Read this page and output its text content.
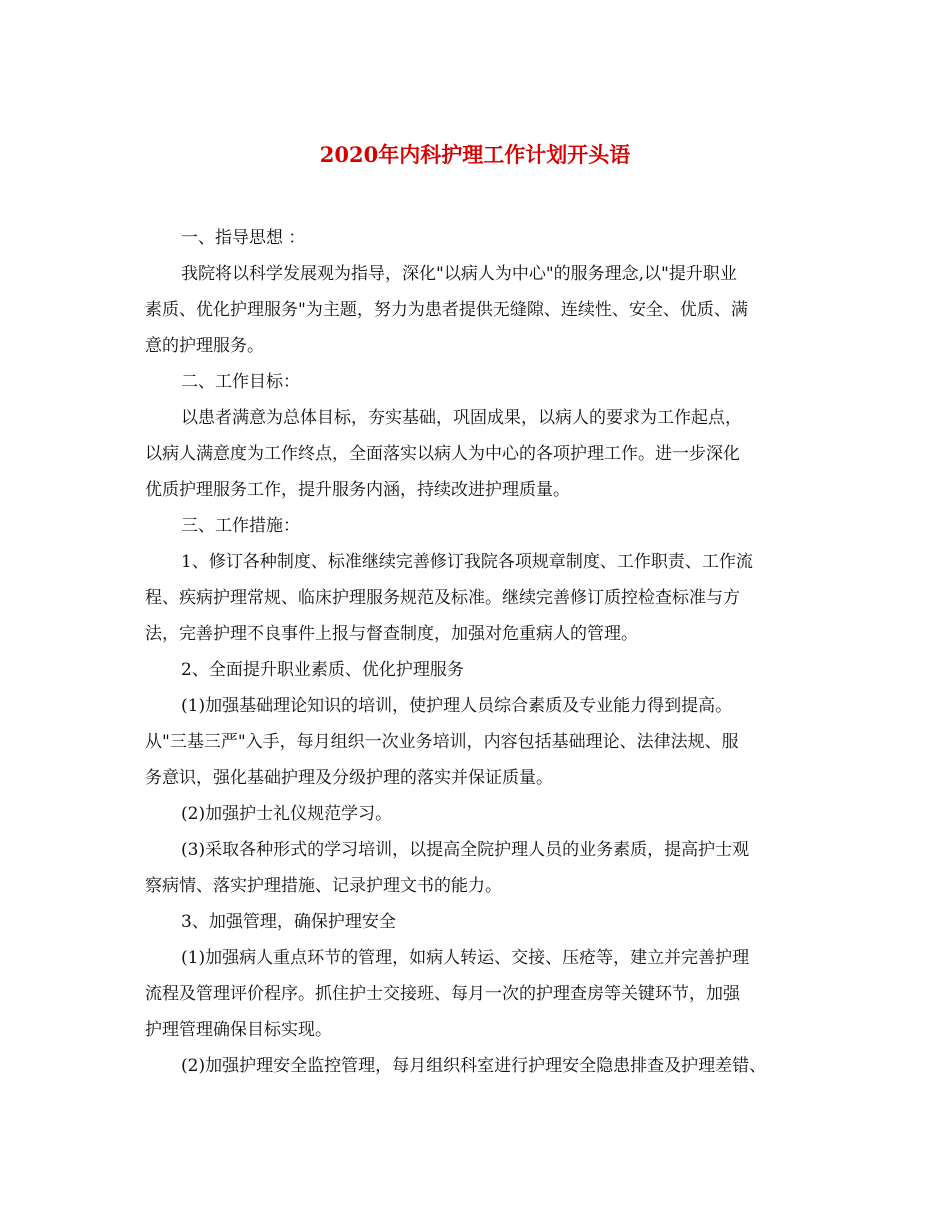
2020年内科护理工作计划开头语
一、指导思想 ：
我院将以科学发展观为指导，深化"以病人为中心"的服务理念,以"提升职业
素质、优化护理服务"为主题，努力为患者提供无缝隙、连续性、安全、优质、满
意的护理服务。
二、工作目标：
以患者满意为总体目标，夯实基础，巩固成果，以病人的要求为工作起点，
以病人满意度为工作终点，全面落实以病人为中心的各项护理工作。进一步深化
优质护理服务工作，提升服务内涵，持续改进护理质量。
三、工作措施：
1、修订各种制度、标准继续完善修订我院各项规章制度、工作职责、工作流
程、疾病护理常规、临床护理服务规范及标准。继续完善修订质控检查标准与方
法，完善护理不良事件上报与督查制度，加强对危重病人的管理。
2、全面提升职业素质、优化护理服务
(1)加强基础理论知识的培训，使护理人员综合素质及专业能力得到提高。
从"三基三严"入手，每月组织一次业务培训，内容包括基础理论、法律法规、服
务意识，强化基础护理及分级护理的落实并保证质量。
(2)加强护士礼仪规范学习。
(3)采取各种形式的学习培训，以提高全院护理人员的业务素质，提高护士观
察病情、落实护理措施、记录护理文书的能力。
3、加强管理，确保护理安全
(1)加强病人重点环节的管理，如病人转运、交接、压疮等，建立并完善护理
流程及管理评价程序。抓住护士交接班、每月一次的护理查房等关键环节，加强
护理管理确保目标实现。
(2)加强护理安全监控管理，每月组织科室进行护理安全隐患排查及护理差错、
